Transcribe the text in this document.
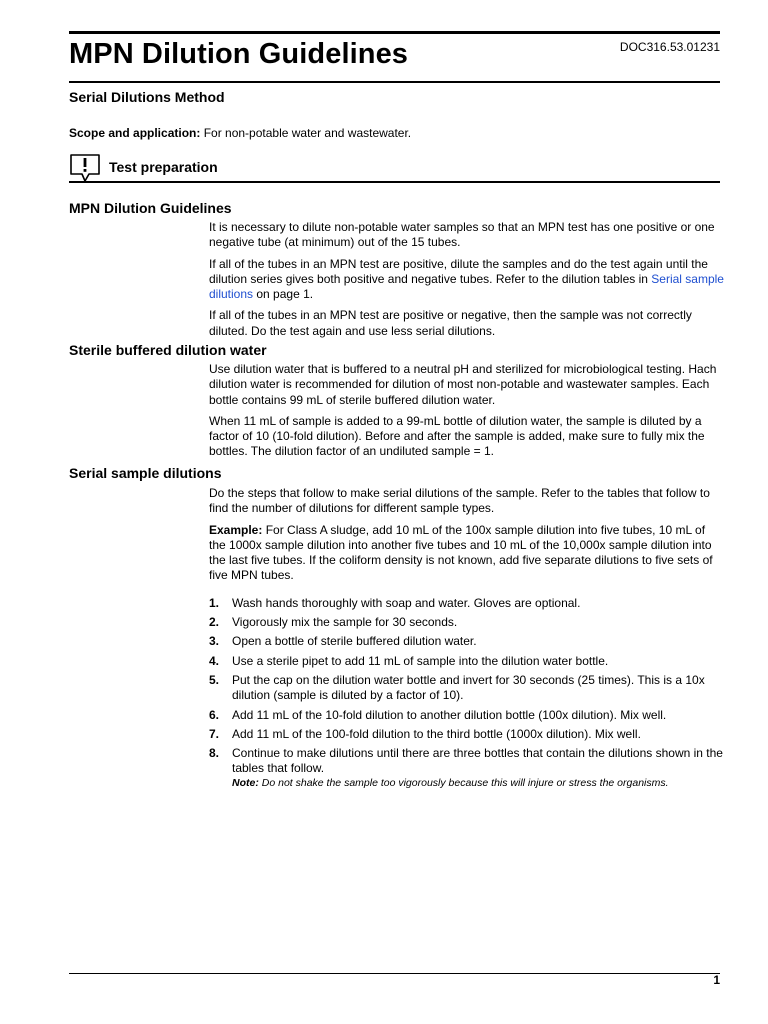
MPN Dilution Guidelines	DOC316.53.01231
Serial Dilutions Method

Scope and application: For non-potable water and wastewater.

Test preparation
MPN Dilution Guidelines

It is necessary to dilute non-potable water samples so that an MPN test has one positive or one negative tube (at minimum) out of the 15 tubes.

If all of the tubes in an MPN test are positive, dilute the samples and do the test again until the dilution series gives both positive and negative tubes. Refer to the dilution tables in Serial sample dilutions on page 1.

If all of the tubes in an MPN test are positive or negative, then the sample was not correctly diluted. Do the test again and use less serial dilutions.

Sterile buffered dilution water

Use dilution water that is buffered to a neutral pH and sterilized for microbiological testing. Hach dilution water is recommended for dilution of most non-potable and wastewater samples. Each bottle contains 99 mL of sterile buffered dilution water.

When 11 mL of sample is added to a 99-mL bottle of dilution water, the sample is diluted by a factor of 10 (10-fold dilution). Before and after the sample is added, make sure to fully mix the bottles. The dilution factor of an undiluted sample = 1.

Serial sample dilutions

Do the steps that follow to make serial dilutions of the sample. Refer to the tables that follow to find the number of dilutions for different sample types.

Example: For Class A sludge, add 10 mL of the 100x sample dilution into five tubes, 10 mL of the 1000x sample dilution into another five tubes and 10 mL of the 10,000x sample dilution into the last five tubes. If the coliform density is not known, add five separate dilutions to five sets of five MPN tubes.

1. Wash hands thoroughly with soap and water. Gloves are optional.
2. Vigorously mix the sample for 30 seconds.
3. Open a bottle of sterile buffered dilution water.
4. Use a sterile pipet to add 11 mL of sample into the dilution water bottle.
5. Put the cap on the dilution water bottle and invert for 30 seconds (25 times). This is a 10x dilution (sample is diluted by a factor of 10).
6. Add 11 mL of the 10-fold dilution to another dilution bottle (100x dilution). Mix well.
7. Add 11 mL of the 100-fold dilution to the third bottle (1000x dilution). Mix well.
8. Continue to make dilutions until there are three bottles that contain the dilutions shown in the tables that follow.
Note: Do not shake the sample too vigorously because this will injure or stress the organisms.
1
